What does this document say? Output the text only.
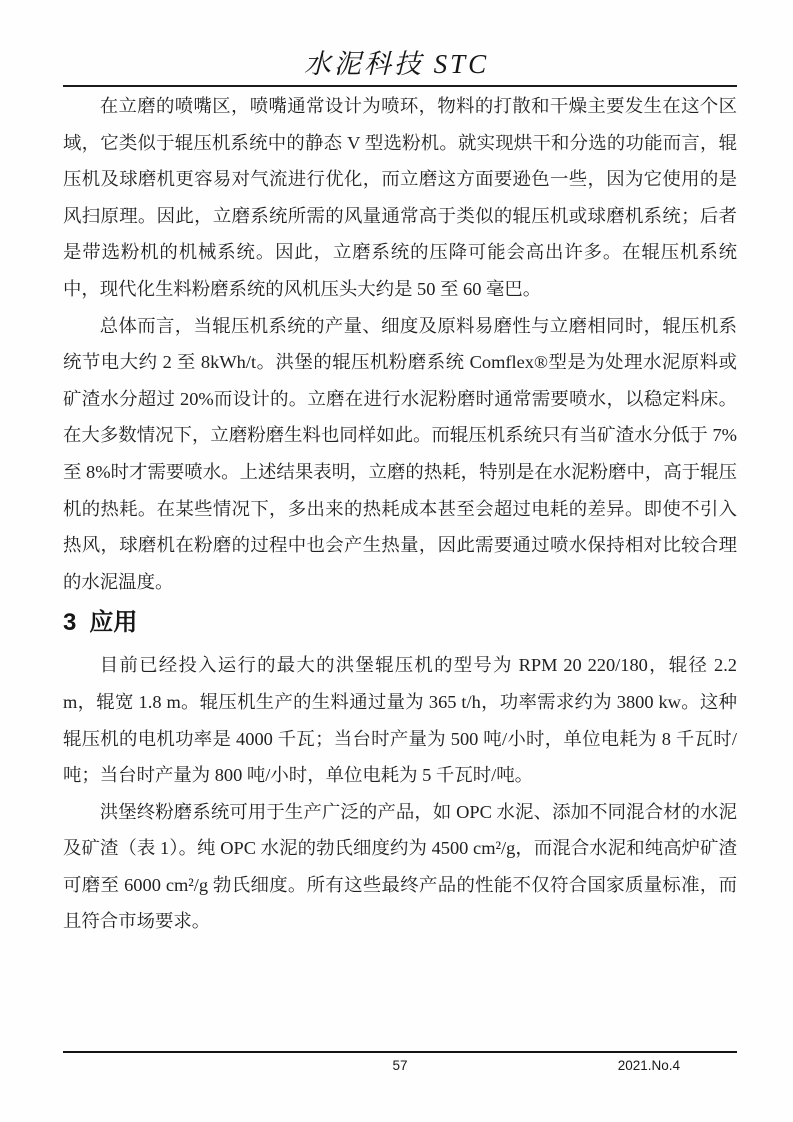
水泥科技 STC

在立磨的喷嘴区，喷嘴通常设计为喷环，物料的打散和干燥主要发生在这个区域，它类似于辊压机系统中的静态 V 型选粉机。就实现烘干和分选的功能而言，辊压机及球磨机更容易对气流进行优化，而立磨这方面要逊色一些，因为它使用的是风扫原理。因此，立磨系统所需的风量通常高于类似的辊压机或球磨机系统；后者是带选粉机的机械系统。因此，立磨系统的压降可能会高出许多。在辊压机系统中，现代化生料粉磨系统的风机压头大约是 50 至 60 毫巴。

总体而言，当辊压机系统的产量、细度及原料易磨性与立磨相同时，辊压机系统节电大约 2 至 8kWh/t。洪堡的辊压机粉磨系统 Comflex®型是为处理水泥原料或矿渣水分超过 20%而设计的。立磨在进行水泥粉磨时通常需要喷水，以稳定料床。在大多数情况下，立磨粉磨生料也同样如此。而辊压机系统只有当矿渣水分低于 7%至 8%时才需要喷水。上述结果表明，立磨的热耗，特别是在水泥粉磨中，高于辊压机的热耗。在某些情况下，多出来的热耗成本甚至会超过电耗的差异。即使不引入热风，球磨机在粉磨的过程中也会产生热量，因此需要通过喷水保持相对比较合理的水泥温度。

3 应用

目前已经投入运行的最大的洪堡辊压机的型号为 RPM 20 220/180，辊径 2.2 m，辊宽 1.8 m。辊压机生产的生料通过量为 365 t/h，功率需求约为 3800 kw。这种辊压机的电机功率是 4000 千瓦；当台时产量为 500 吨/小时，单位电耗为 8 千瓦时/吨；当台时产量为 800 吨/小时，单位电耗为 5 千瓦时/吨。

洪堡终粉磨系统可用于生产广泛的产品，如 OPC 水泥、添加不同混合材的水泥及矿渣（表 1）。纯 OPC 水泥的勃氏细度约为 4500 cm²/g，而混合水泥和纯高炉矿渣可磨至 6000 cm²/g 勃氏细度。所有这些最终产品的性能不仅符合国家质量标准，而且符合市场要求。

57	2021.No.4
